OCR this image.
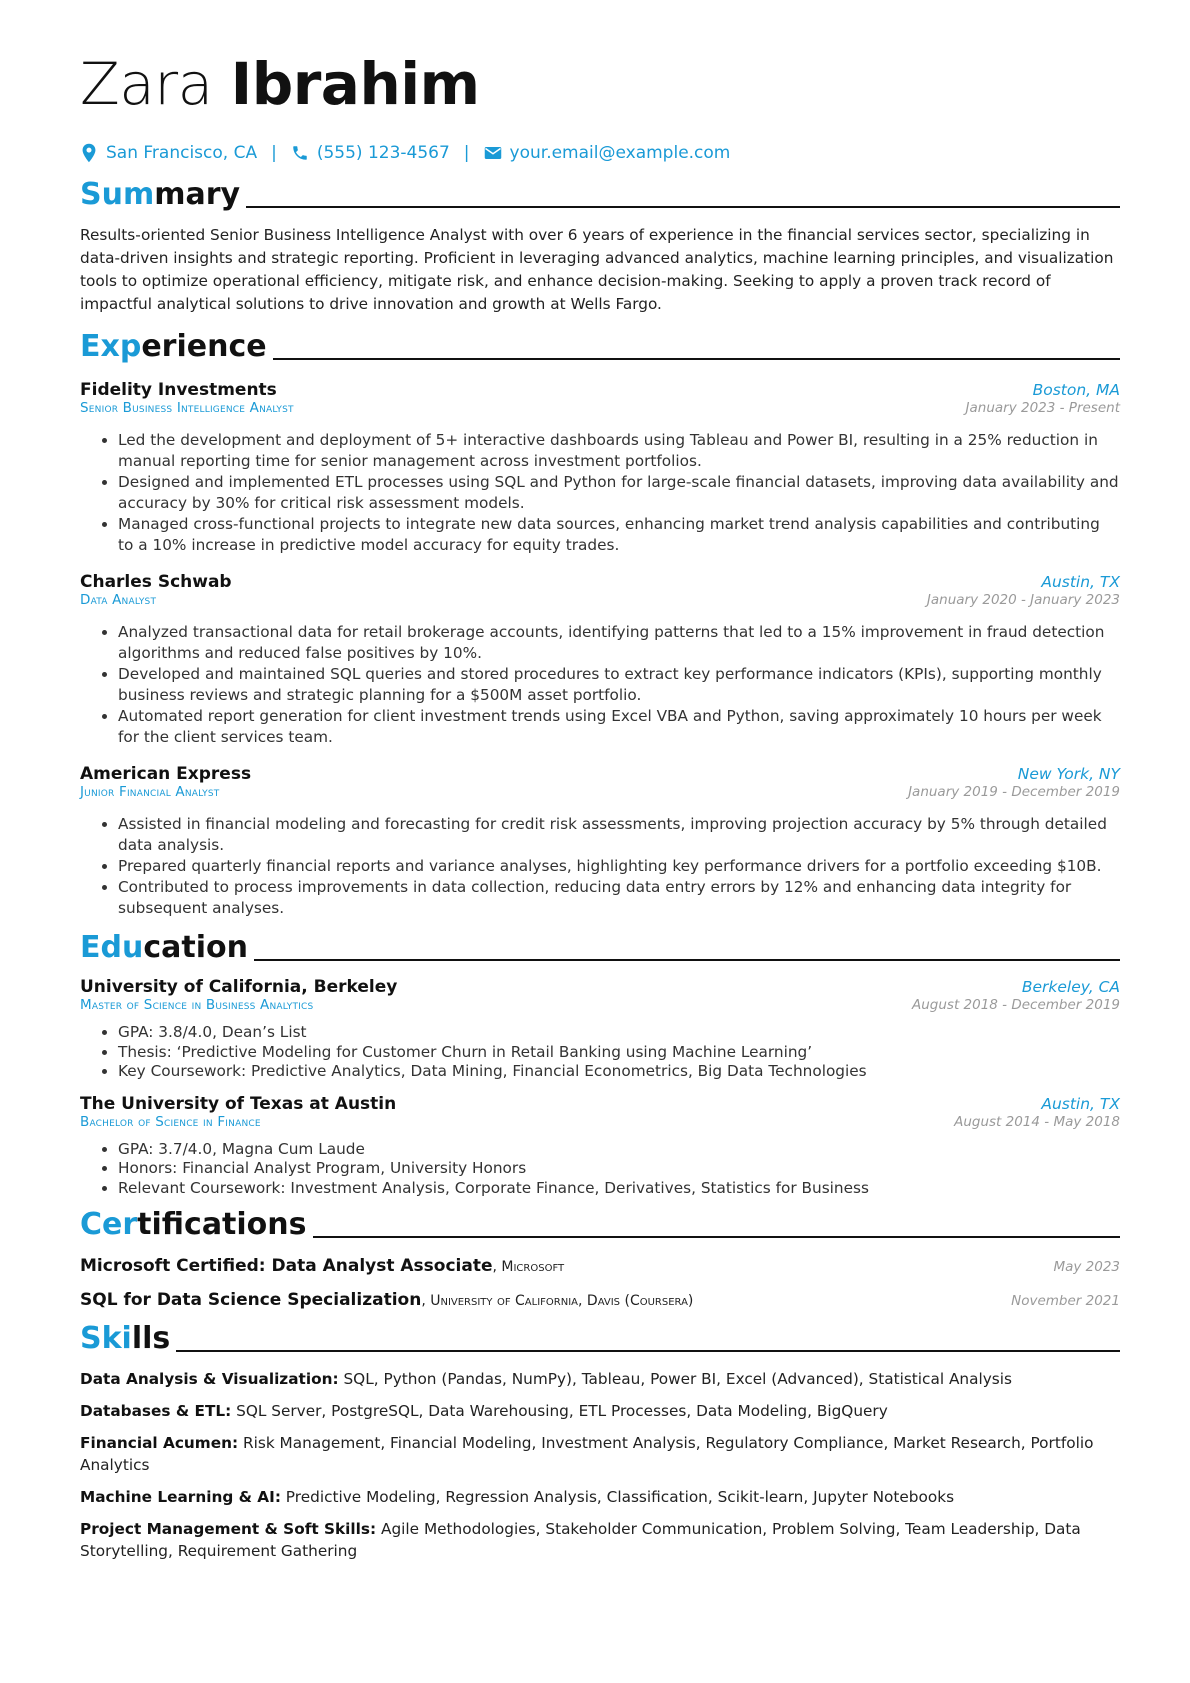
Zara Ibrahim
San Francisco, CA | (555) 123-4567 | your.email@example.com
Summary

Results-oriented Senior Business Intelligence Analyst with over 6 years of experience in the financial services sector, specializing in data-driven insights and strategic reporting. Proficient in leveraging advanced analytics, machine learning principles, and visualization tools to optimize operational efficiency, mitigate risk, and enhance decision-making. Seeking to apply a proven track record of impactful analytical solutions to drive innovation and growth at Wells Fargo.

Experience
Fidelity Investments	Boston, MA
Senior Business Intelligence Analyst	January 2023 - Present
• Led the development and deployment of 5+ interactive dashboards using Tableau and Power BI, resulting in a 25% reduction in manual reporting time for senior management across investment portfolios.
• Designed and implemented ETL processes using SQL and Python for large-scale financial datasets, improving data availability and accuracy by 30% for critical risk assessment models.
• Managed cross-functional projects to integrate new data sources, enhancing market trend analysis capabilities and contributing to a 10% increase in predictive model accuracy for equity trades.
Charles Schwab	Austin, TX
Data Analyst	January 2020 - January 2023
• Analyzed transactional data for retail brokerage accounts, identifying patterns that led to a 15% improvement in fraud detection algorithms and reduced false positives by 10%.
• Developed and maintained SQL queries and stored procedures to extract key performance indicators (KPIs), supporting monthly business reviews and strategic planning for a $500M asset portfolio.
• Automated report generation for client investment trends using Excel VBA and Python, saving approximately 10 hours per week for the client services team.
American Express	New York, NY
Junior Financial Analyst	January 2019 - December 2019
• Assisted in financial modeling and forecasting for credit risk assessments, improving projection accuracy by 5% through detailed data analysis.
• Prepared quarterly financial reports and variance analyses, highlighting key performance drivers for a portfolio exceeding $10B.
• Contributed to process improvements in data collection, reducing data entry errors by 12% and enhancing data integrity for subsequent analyses.
Education
University of California, Berkeley	Berkeley, CA
Master of Science in Business Analytics	August 2018 - December 2019
• GPA: 3.8/4.0, Dean’s List
• Thesis: ‘Predictive Modeling for Customer Churn in Retail Banking using Machine Learning’
• Key Coursework: Predictive Analytics, Data Mining, Financial Econometrics, Big Data Technologies
The University of Texas at Austin	Austin, TX
Bachelor of Science in Finance	August 2014 - May 2018
• GPA: 3.7/4.0, Magna Cum Laude
• Honors: Financial Analyst Program, University Honors
• Relevant Coursework: Investment Analysis, Corporate Finance, Derivatives, Statistics for Business
Certifications
Microsoft Certified: Data Analyst Associate, Microsoft	May 2023
SQL for Data Science Specialization, University of California, Davis (Coursera)	November 2021
Skills
Data Analysis & Visualization: SQL, Python (Pandas, NumPy), Tableau, Power BI, Excel (Advanced), Statistical Analysis
Databases & ETL: SQL Server, PostgreSQL, Data Warehousing, ETL Processes, Data Modeling, BigQuery
Financial Acumen: Risk Management, Financial Modeling, Investment Analysis, Regulatory Compliance, Market Research, Portfolio Analytics
Machine Learning & AI: Predictive Modeling, Regression Analysis, Classification, Scikit-learn, Jupyter Notebooks
Project Management & Soft Skills: Agile Methodologies, Stakeholder Communication, Problem Solving, Team Leadership, Data Storytelling, Requirement Gathering
